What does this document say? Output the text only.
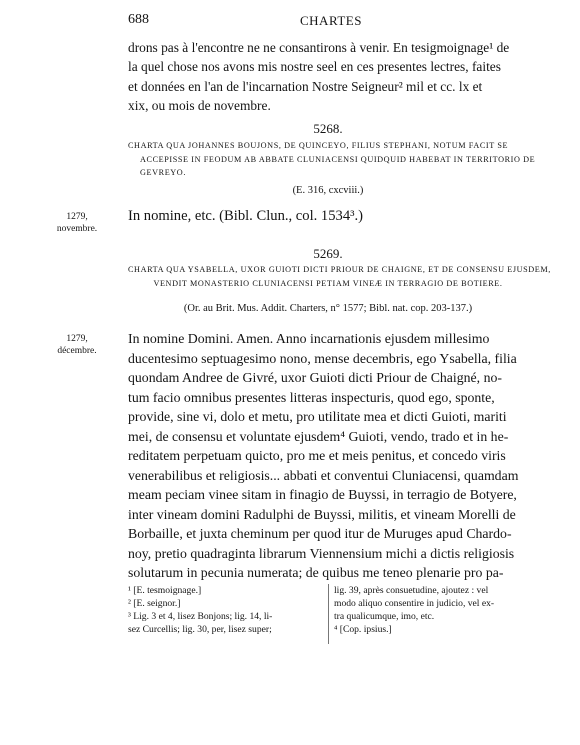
688	CHARTES
drons pas à l'encontre ne ne consantirons à venir. En tesigmoignage¹ de
la quel chose nos avons mis nostre seel en ces presentes lectres, faites
et données en l'an de l'incarnation Nostre Seigneur² mil et cc. lx et
xix, ou mois de novembre.
5268.
CHARTA QUA JOHANNES BOUJONS, DE QUINCEYO, FILIUS STEPHANI, NOTUM FACIT SE
ACCEPISSE IN FEODUM AB ABBATE CLUNIACENSI QUIDQUID HABEBAT IN TERRITORIO DE
GEVREYO.
(E. 316, cxcviii.)
1279,
novembre.
In nomine, etc. (Bibl. Clun., col. 1534³.)
5269.
CHARTA QUA YSABELLA, UXOR GUIOTI DICTI PRIOUR DE CHAIGNE, ET DE CONSENSU EJUSDEM,
VENDIT MONASTERIO CLUNIACENSI PETIAM VINEÆ IN TERRAGIO DE BOTIERE.
(Or. au Brit. Mus. Addit. Charters, n° 1577; Bibl. nat. cop. 203-137.)
1279,
décembre.
In nomine Domini. Amen. Anno incarnationis ejusdem millesimo
ducentesimo septuagesimo nono, mense decembris, ego Ysabella, filia
quondam Andree de Givré, uxor Guioti dicti Priour de Chaigné, no-
tum facio omnibus presentes litteras inspecturis, quod ego, sponte,
provide, sine vi, dolo et metu, pro utilitate mea et dicti Guioti, mariti
mei, de consensu et voluntate ejusdem⁴ Guioti, vendo, trado et in he-
reditatem perpetuam quicto, pro me et meis penitus, et concedo viris
venerabilibus et religiosis... abbati et conventui Cluniacensi, quamdam
meam peciam vinee sitam in finagio de Buyssi, in terragio de Botyere,
inter vineam domini Radulphi de Buyssi, militis, et vineam Morelli de
Borbaille, et juxta cheminum per quod itur de Muruges apud Chardo-
noy, pretio quadraginta librarum Viennensium michi a dictis religiosis
solutarum in pecunia numerata; de quibus me teneo plenarie pro pa-
¹ [E. tesmoignage.]
² [E. seignor.]
³ Lig. 3 et 4, lisez Bonjons; lig. 14, li-
sez Curcellis; lig. 30, per, lisez super;
lig. 39, après consuetudine, ajoutez : vel
modo aliquo consentire in judicio, vel ex-
tra qualicumque, imo, etc.
⁴ [Cop. ipsius.]
